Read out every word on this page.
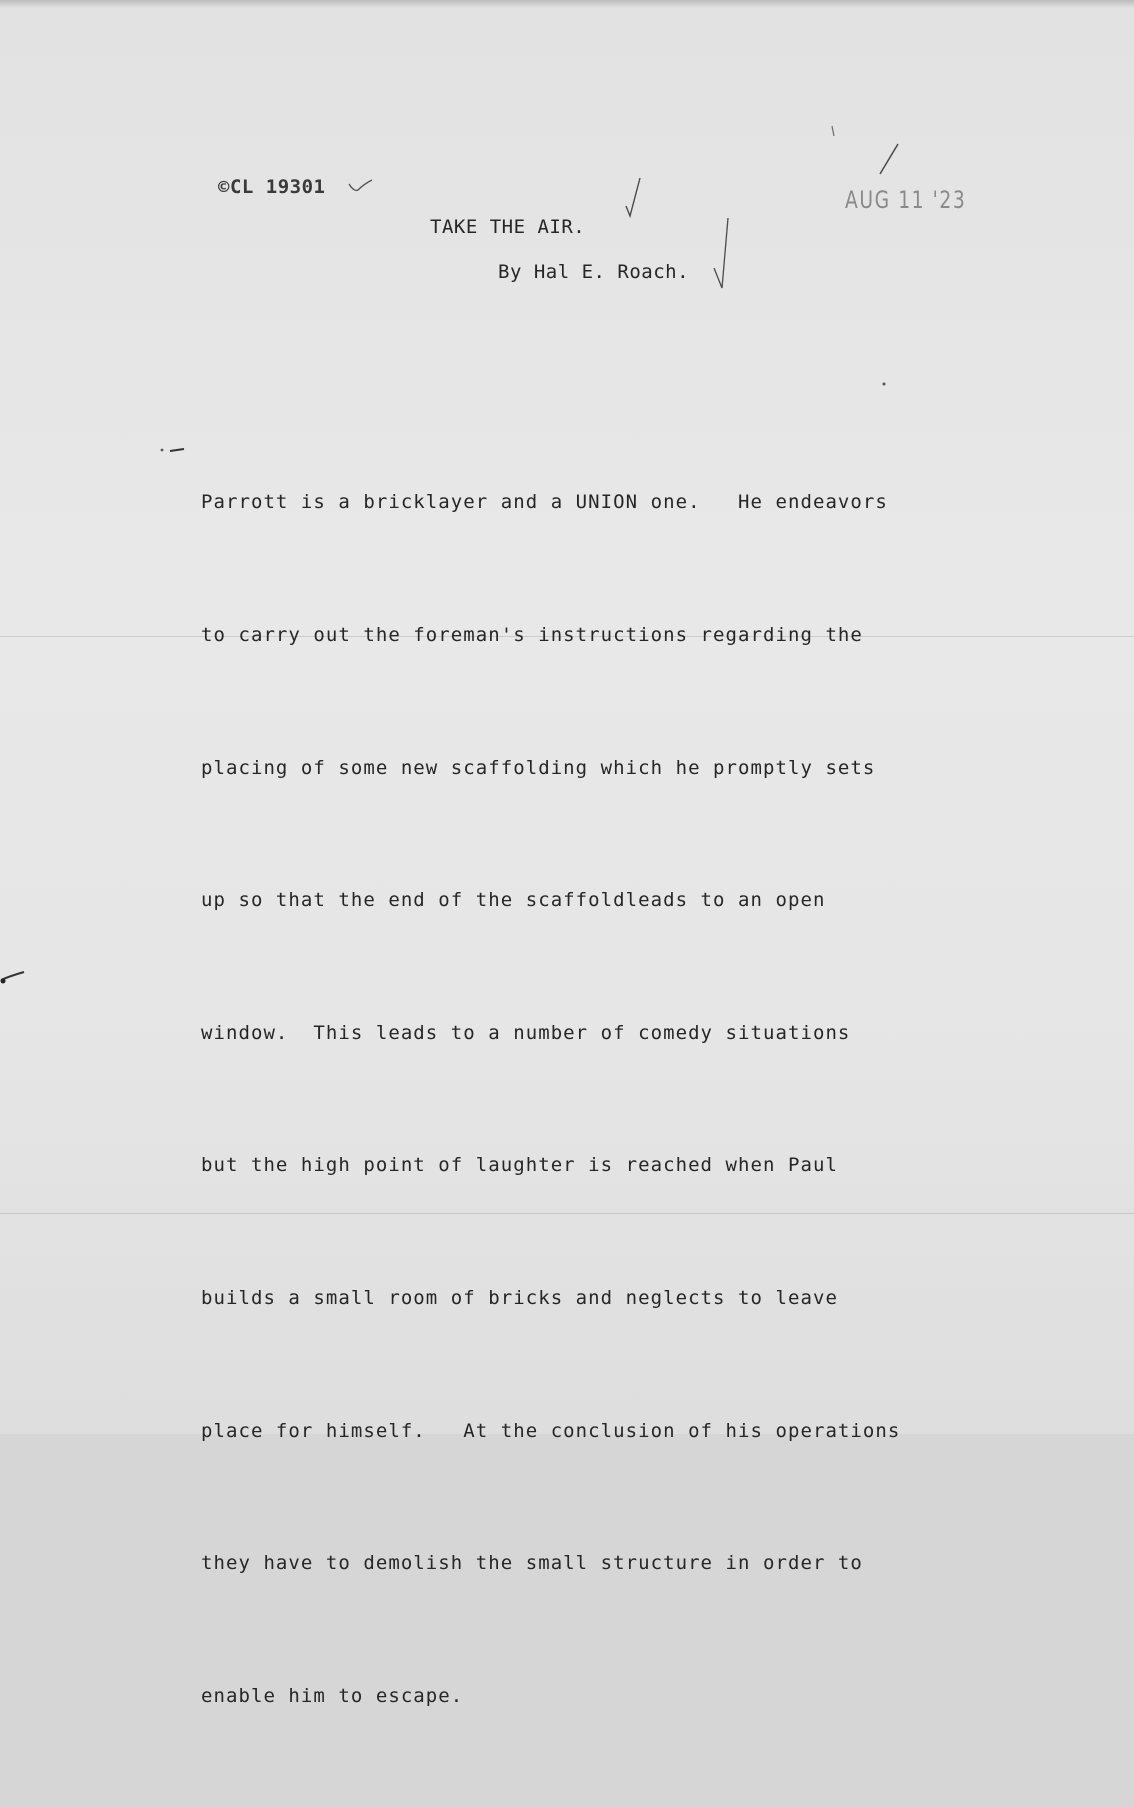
©CL 19301	AUG 11 '23
TAKE THE AIR.
By Hal E. Roach.

Parrott is a bricklayer and a UNION one.   He endeavors

to carry out the foreman's instructions regarding the

placing of some new scaffolding which he promptly sets

up so that the end of the scaffoldleads to an open

window.  This leads to a number of comedy situations

but the high point of laughter is reached when Paul

builds a small room of bricks and neglects to leave

place for himself.   At the conclusion of his operations

they have to demolish the small structure in order to

enable him to escape.
